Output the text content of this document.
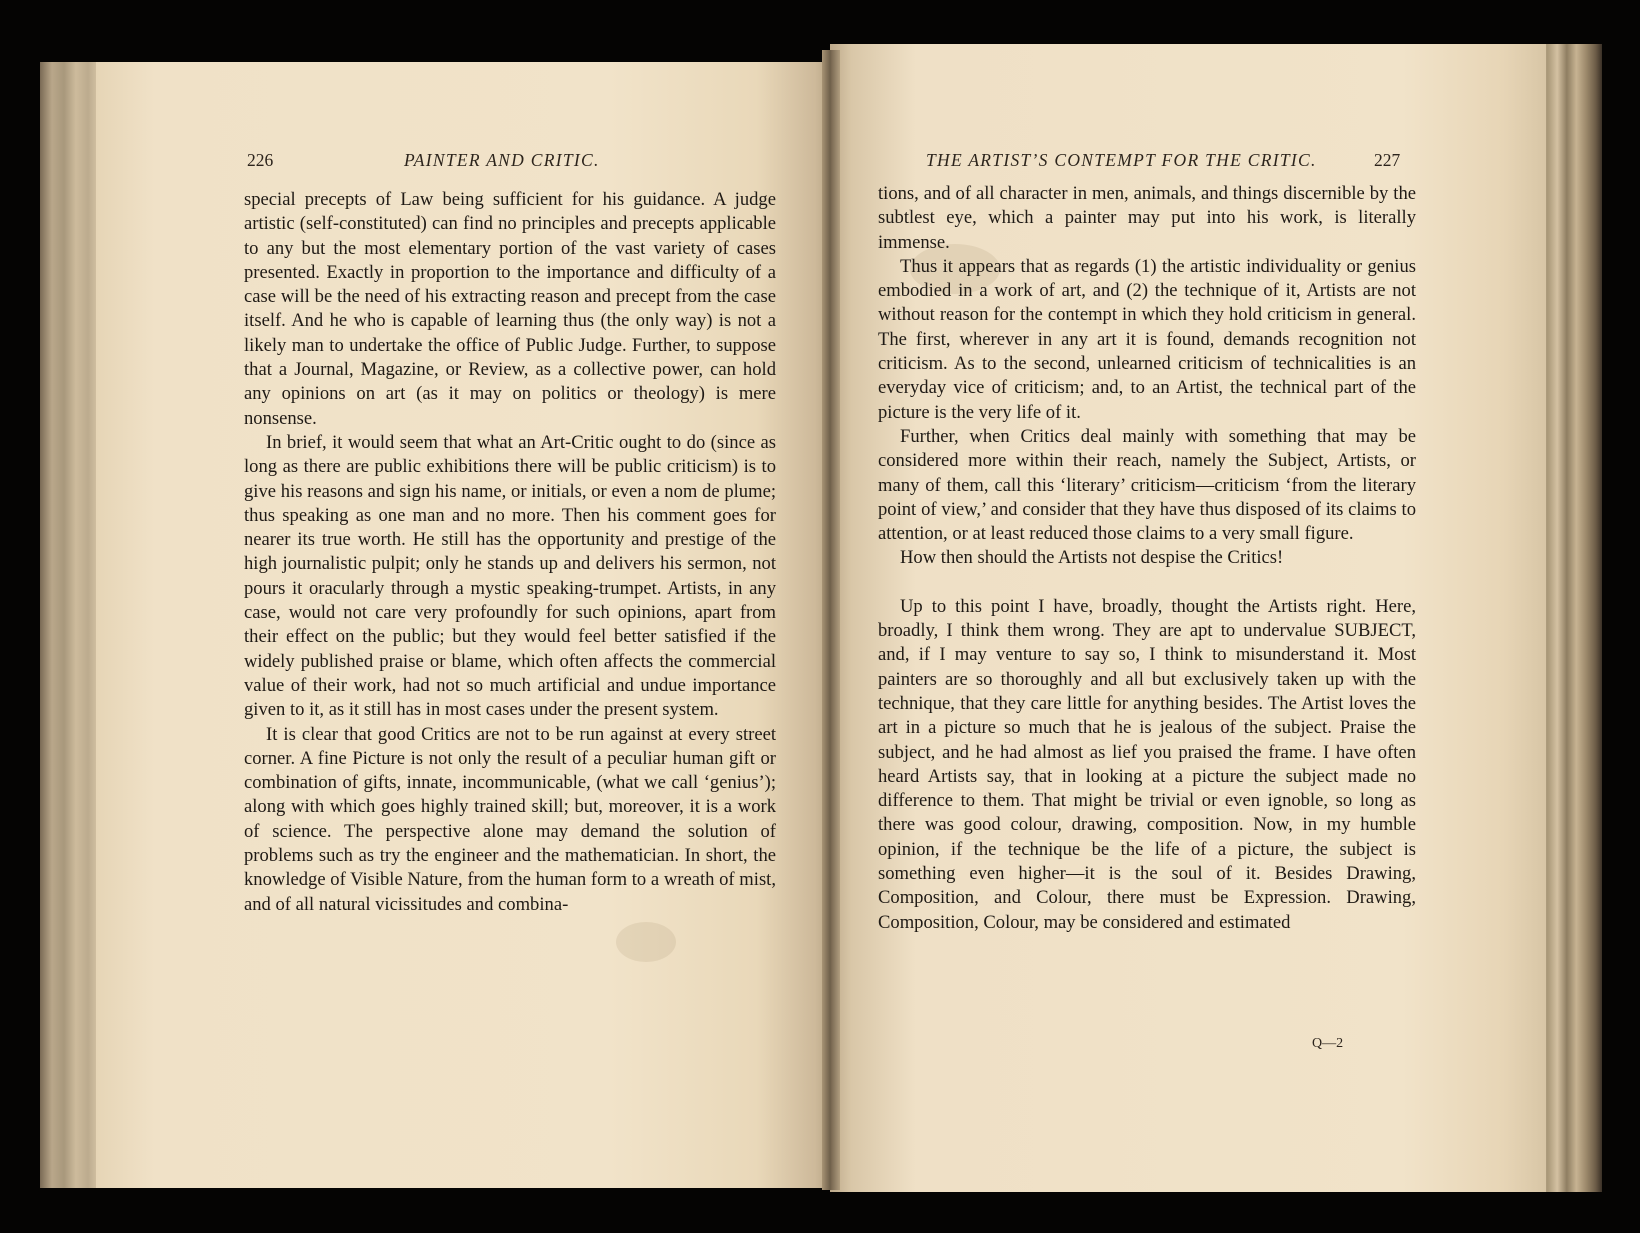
226	PAINTER AND CRITIC.

special precepts of Law being sufficient for his guidance. A judge artistic (self-constituted) can find no principles and precepts applicable to any but the most elementary portion of the vast variety of cases presented. Exactly in proportion to the importance and difficulty of a case will be the need of his extracting reason and precept from the case itself. And he who is capable of learning thus (the only way) is not a likely man to undertake the office of Public Judge. Further, to suppose that a Journal, Magazine, or Review, as a collective power, can hold any opinions on art (as it may on politics or theology) is mere nonsense.

In brief, it would seem that what an Art-Critic ought to do (since as long as there are public exhibitions there will be public criticism) is to give his reasons and sign his name, or initials, or even a nom de plume; thus speaking as one man and no more. Then his comment goes for nearer its true worth. He still has the opportunity and prestige of the high journalistic pulpit; only he stands up and delivers his sermon, not pours it oracularly through a mystic speaking-trumpet. Artists, in any case, would not care very profoundly for such opinions, apart from their effect on the public; but they would feel better satisfied if the widely published praise or blame, which often affects the commercial value of their work, had not so much artificial and undue importance given to it, as it still has in most cases under the present system.

It is clear that good Critics are not to be run against at every street corner. A fine Picture is not only the result of a peculiar human gift or combination of gifts, innate, incommunicable, (what we call ‘genius’); along with which goes highly trained skill; but, moreover, it is a work of science. The perspective alone may demand the solution of problems such as try the engineer and the mathematician. In short, the knowledge of Visible Nature, from the human form to a wreath of mist, and of all natural vicissitudes and combina-

THE ARTIST’S CONTEMPT FOR THE CRITIC.	227

tions, and of all character in men, animals, and things discernible by the subtlest eye, which a painter may put into his work, is literally immense.

Thus it appears that as regards (1) the artistic individuality or genius embodied in a work of art, and (2) the technique of it, Artists are not without reason for the contempt in which they hold criticism in general. The first, wherever in any art it is found, demands recognition not criticism. As to the second, unlearned criticism of technicalities is an everyday vice of criticism; and, to an Artist, the technical part of the picture is the very life of it.

Further, when Critics deal mainly with something that may be considered more within their reach, namely the Subject, Artists, or many of them, call this ‘literary’ criticism—criticism ‘from the literary point of view,’ and consider that they have thus disposed of its claims to attention, or at least reduced those claims to a very small figure.

How then should the Artists not despise the Critics!

Up to this point I have, broadly, thought the Artists right. Here, broadly, I think them wrong. They are apt to undervalue SUBJECT, and, if I may venture to say so, I think to misunderstand it. Most painters are so thoroughly and all but exclusively taken up with the technique, that they care little for anything besides. The Artist loves the art in a picture so much that he is jealous of the subject. Praise the subject, and he had almost as lief you praised the frame. I have often heard Artists say, that in looking at a picture the subject made no difference to them. That might be trivial or even ignoble, so long as there was good colour, drawing, composition. Now, in my humble opinion, if the technique be the life of a picture, the subject is something even higher—it is the soul of it. Besides Drawing, Composition, and Colour, there must be Expression. Drawing, Composition, Colour, may be considered and estimated

Q—2
